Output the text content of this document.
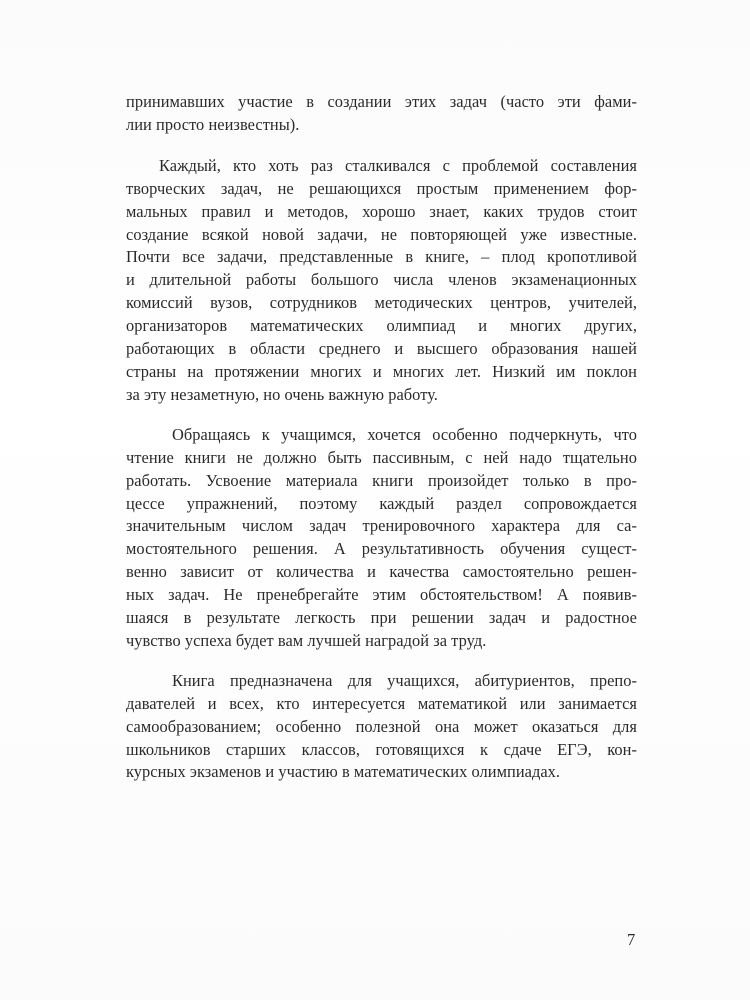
принимавших участие в создании этих задач (часто эти фами-
лии просто неизвестны).

Каждый, кто хоть раз сталкивался с проблемой составления
творческих задач, не решающихся простым применением фор-
мальных правил и методов, хорошо знает, каких трудов стоит
создание всякой новой задачи, не повторяющей уже известные.
Почти все задачи, представленные в книге, – плод кропотливой
и длительной работы большого числа членов экзаменационных
комиссий вузов, сотрудников методических центров, учителей,
организаторов математических олимпиад и многих других,
работающих в области среднего и высшего образования нашей
страны на протяжении многих и многих лет. Низкий им поклон
за эту незаметную, но очень важную работу.

Обращаясь к учащимся, хочется особенно подчеркнуть, что
чтение книги не должно быть пассивным, с ней надо тщательно
работать. Усвоение материала книги произойдет только в про-
цессе упражнений, поэтому каждый раздел сопровождается
значительным числом задач тренировочного характера для са-
мостоятельного решения. А результативность обучения сущест-
венно зависит от количества и качества самостоятельно решен-
ных задач. Не пренебрегайте этим обстоятельством! А появив-
шаяся в результате легкость при решении задач и радостное
чувство успеха будет вам лучшей наградой за труд.

Книга предназначена для учащихся, абитуриентов, препо-
давателей и всех, кто интересуется математикой или занимается
самообразованием; особенно полезной она может оказаться для
школьников старших классов, готовящихся к сдаче ЕГЭ, кон-
курсных экзаменов и участию в математических олимпиадах.

7
